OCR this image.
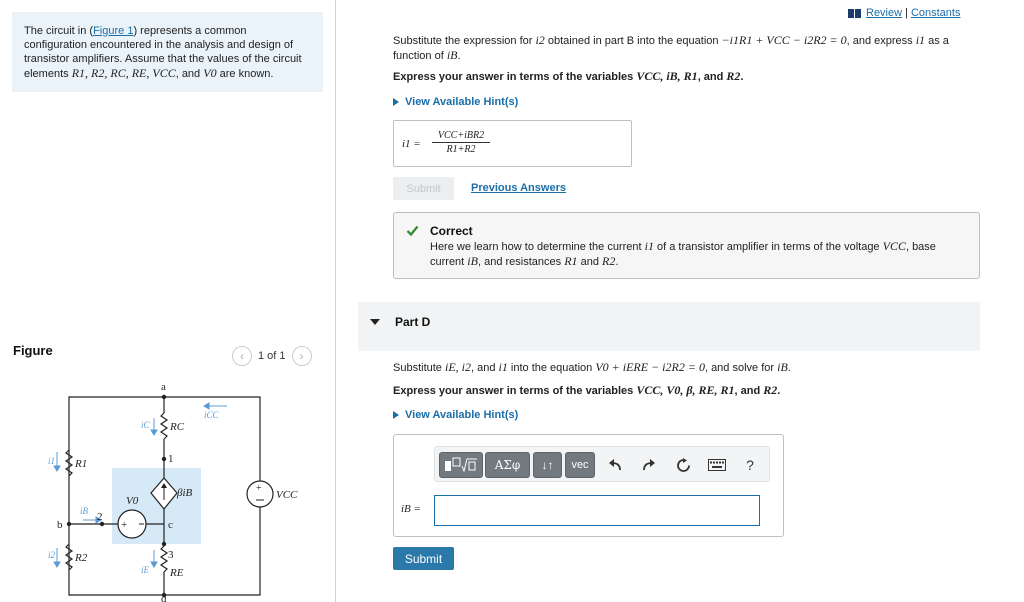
The circuit in (Figure 1) represents a common configuration encountered in the analysis and design of transistor amplifiers. Assume that the values of the circuit elements R1, R2, RC, RE, VCC, and V0 are known.
Figure	‹ 1 of 1 ›
+
+
a
1
2
c
3
d
b
RC
iC
iCC
R1
i1
βiB	VCC
V0
iB
R2
i2
RE
iE
Review | Constants
Substitute the expression for i2 obtained in part B into the equation −i1R1 + VCC − i2R2 = 0, and express i1 as a function of iB.
Express your answer in terms of the variables VCC, iB, R1, and R2.
View Available Hint(s)
i1 =
VCC+iBR2
R1+R2
Submit	Previous Answers
Correct
Here we learn how to determine the current i1 of a transistor amplifier in terms of the voltage VCC, base current iB, and resistances R1 and R2.
Part D
Substitute iE, i2, and i1 into the equation V0 + iERE − i2R2 = 0, and solve for iB.
Express your answer in terms of the variables VCC, V0, β, RE, R1, and R2.
View Available Hint(s)
ΑΣφ	↓↑	vec	?
iB =
Submit
